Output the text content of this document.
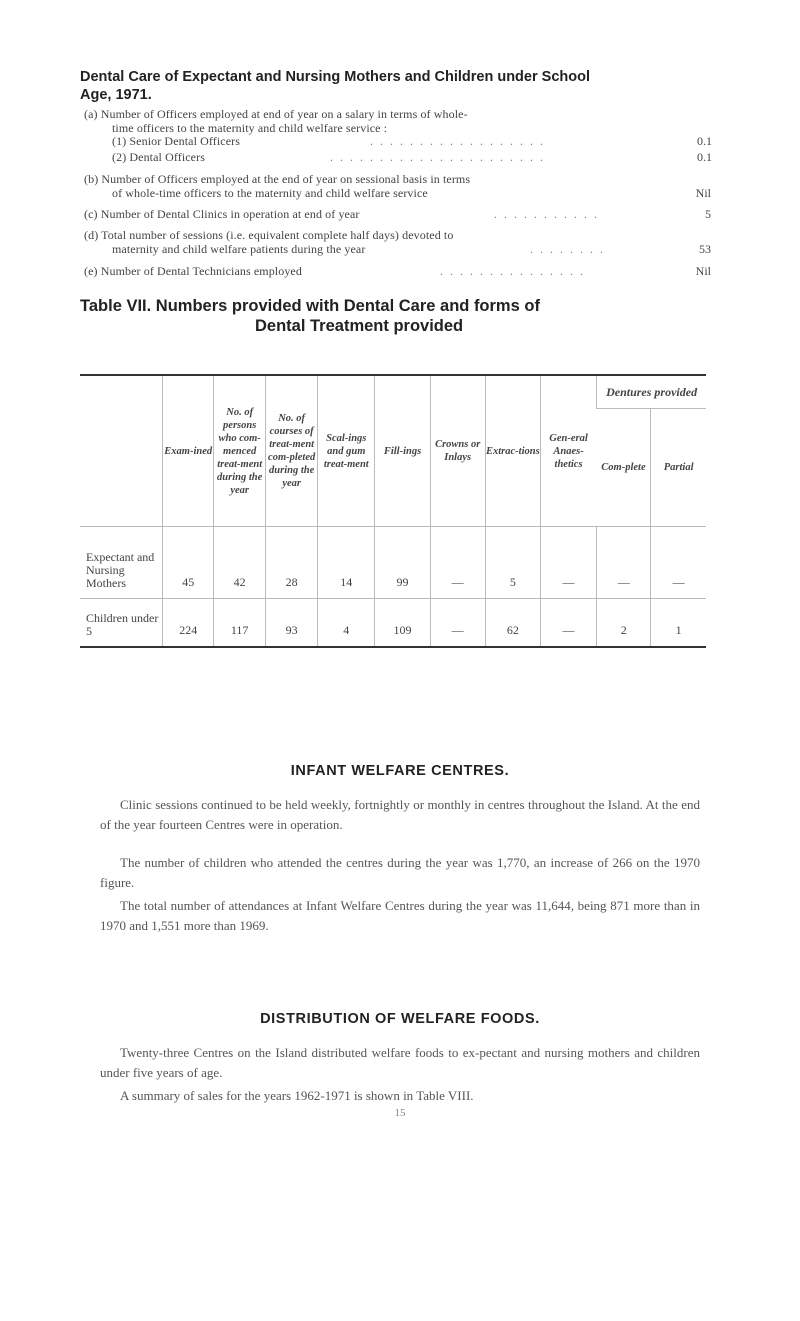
Dental Care of Expectant and Nursing Mothers and Children under School
Age, 1971.
(a) Number of Officers employed at end of year on a salary in terms of whole-
time officers to the maternity and child welfare service :
(1) Senior Dental Officers	. . . . . . . . . . . . . . . . . .	0.1
(2) Dental Officers	. . . . . . . . . . . . . . . . . . . . . .	0.1
(b) Number of Officers employed at the end of year on sessional basis in terms
of whole-time officers to the maternity and child welfare service	Nil
(c) Number of Dental Clinics in operation at end of year	. . . . . . . . . . .	5
(d) Total number of sessions (i.e. equivalent complete half days) devoted to
maternity and child welfare patients during the year	. . . . . . . .	53
(e) Number of Dental Technicians employed	. . . . . . . . . . . . . . .	Nil
Table VII. Numbers provided with Dental Care and forms of
Dental Treatment provided
	Exam-ined	No. of persons who com-menced treat-ment during the year	No. of courses of treat-ment com-pleted during the year	Scal-ings and gum treat-ment	Fill-ings	Crowns or Inlays	Extrac-tions	Gen-eral Anaes-thetics	Dentures provided	
									Com-plete	Partial
Expectant and Nursing Mothers	45	42	28	14	99	—	5	—	—	—
Children under 5	224	117	93	4	109	—	62	—	2	1
INFANT WELFARE CENTRES.
Clinic sessions continued to be held weekly, fortnightly or monthly in centres throughout the Island. At the end of the year fourteen Centres were in operation.
The number of children who attended the centres during the year was 1,770, an increase of 266 on the 1970 figure.
The total number of attendances at Infant Welfare Centres during the year was 11,644, being 871 more than in 1970 and 1,551 more than 1969.
DISTRIBUTION OF WELFARE FOODS.
Twenty-three Centres on the Island distributed welfare foods to ex-pectant and nursing mothers and children under five years of age.
A summary of sales for the years 1962-1971 is shown in Table VIII.
15
